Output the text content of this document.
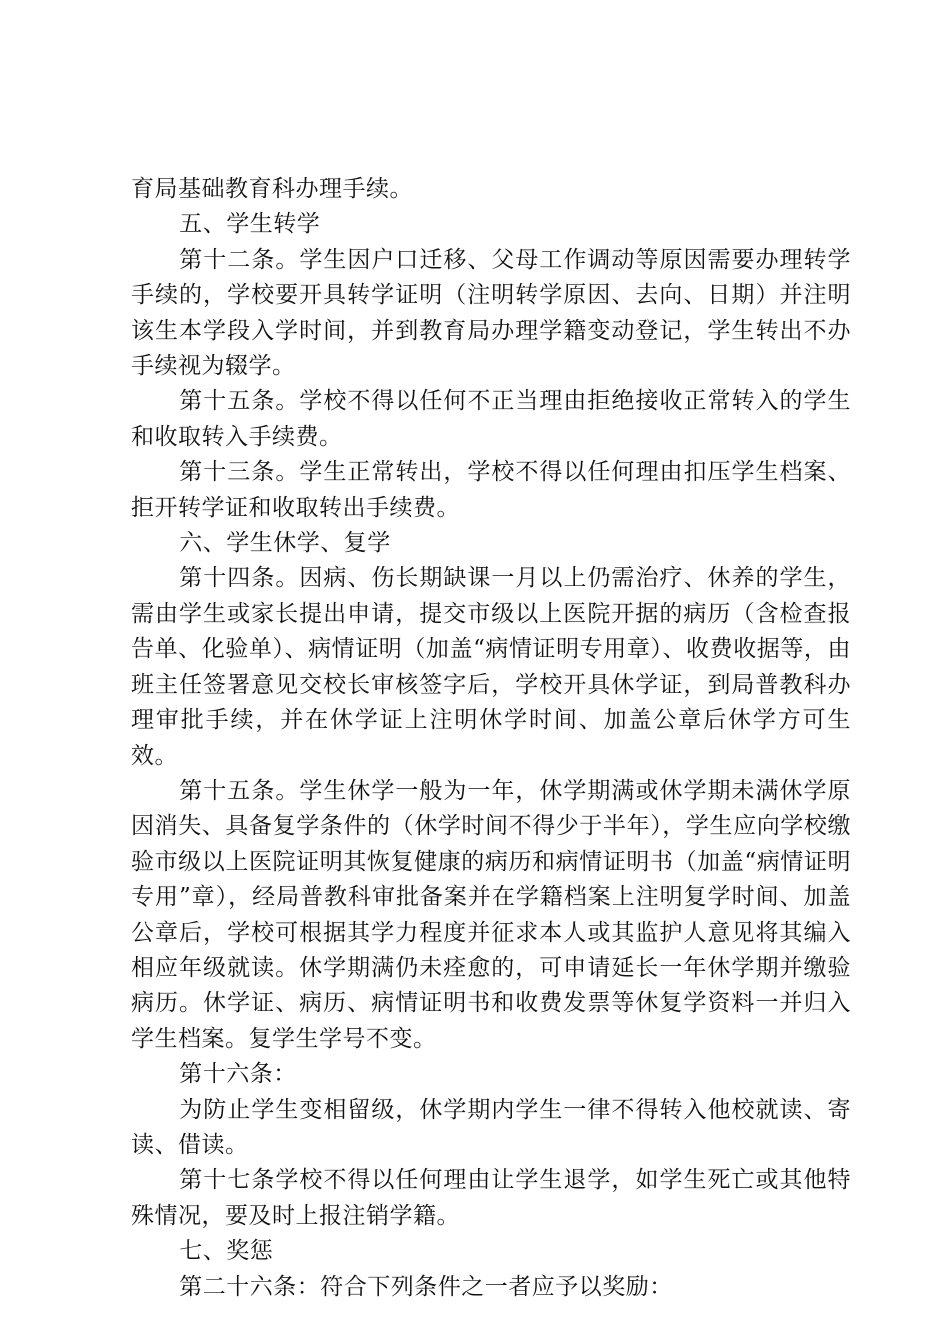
育局基础教育科办理手续。

五、学生转学

第十二条。学生因户口迁移、父母工作调动等原因需要办理转学手续的，学校要开具转学证明（注明转学原因、去向、日期）并注明该生本学段入学时间，并到教育局办理学籍变动登记，学生转出不办手续视为辍学。

第十五条。学校不得以任何不正当理由拒绝接收正常转入的学生和收取转入手续费。

第十三条。学生正常转出，学校不得以任何理由扣压学生档案、拒开转学证和收取转出手续费。

六、学生休学、复学

第十四条。因病、伤长期缺课一月以上仍需治疗、休养的学生，需由学生或家长提出申请，提交市级以上医院开据的病历（含检查报告单、化验单）、病情证明（加盖“病情证明专用章）、收费收据等，由班主任签署意见交校长审核签字后，学校开具休学证，到局普教科办理审批手续，并在休学证上注明休学时间、加盖公章后休学方可生效。

第十五条。学生休学一般为一年，休学期满或休学期未满休学原因消失、具备复学条件的（休学时间不得少于半年），学生应向学校缴验市级以上医院证明其恢复健康的病历和病情证明书（加盖“病情证明专用”章），经局普教科审批备案并在学籍档案上注明复学时间、加盖公章后，学校可根据其学力程度并征求本人或其监护人意见将其编入相应年级就读。休学期满仍未痊愈的，可申请延长一年休学期并缴验病历。休学证、病历、病情证明书和收费发票等休复学资料一并归入学生档案。复学生学号不变。

第十六条：

为防止学生变相留级，休学期内学生一律不得转入他校就读、寄读、借读。

第十七条学校不得以任何理由让学生退学，如学生死亡或其他特殊情况，要及时上报注销学籍。

七、奖惩

第二十六条：符合下列条件之一者应予以奖励：
